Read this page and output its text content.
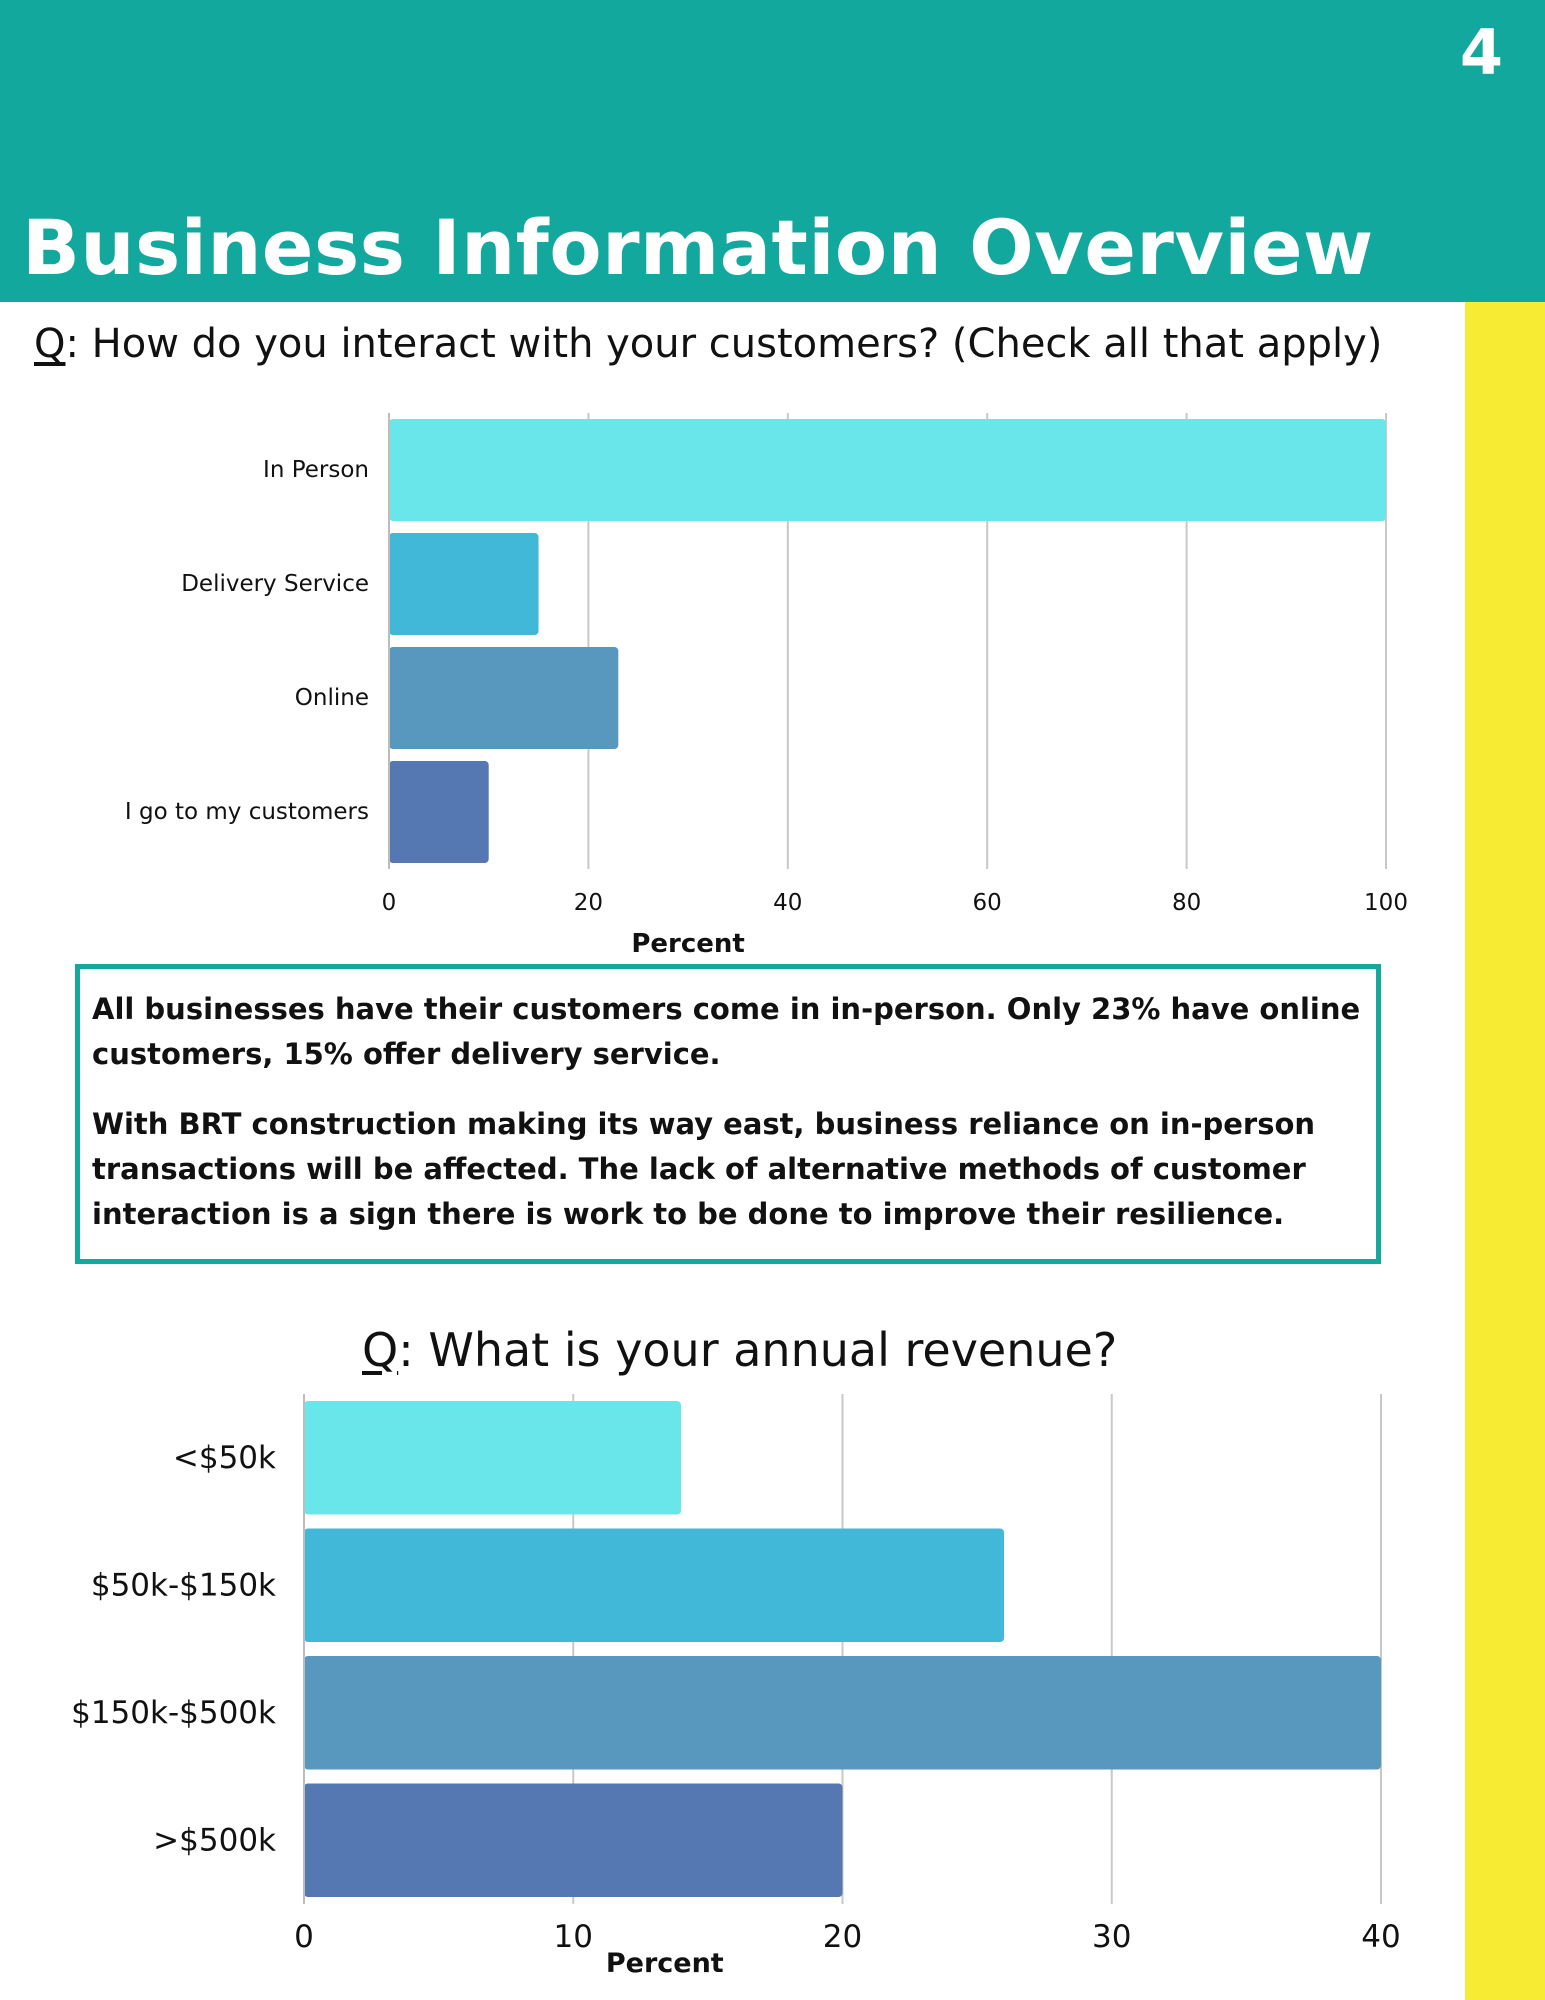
4
Business Information Overview
Q: How do you interact with your customers? (Check all that apply)
In Person
Delivery Service
Online
I go to my customers
0	20	40	60	80	100
Percent

All businesses have their customers come in in-person. Only 23% have online customers, 15% offer delivery service.

With BRT construction making its way east, business reliance on in-person transactions will be affected. The lack of alternative methods of customer interaction is a sign there is work to be done to improve their resilience.

Q: What is your annual revenue?
<$50k
$50k-$150k
$150k-$500k
>$500k
0	10	20	30	40
Percent
